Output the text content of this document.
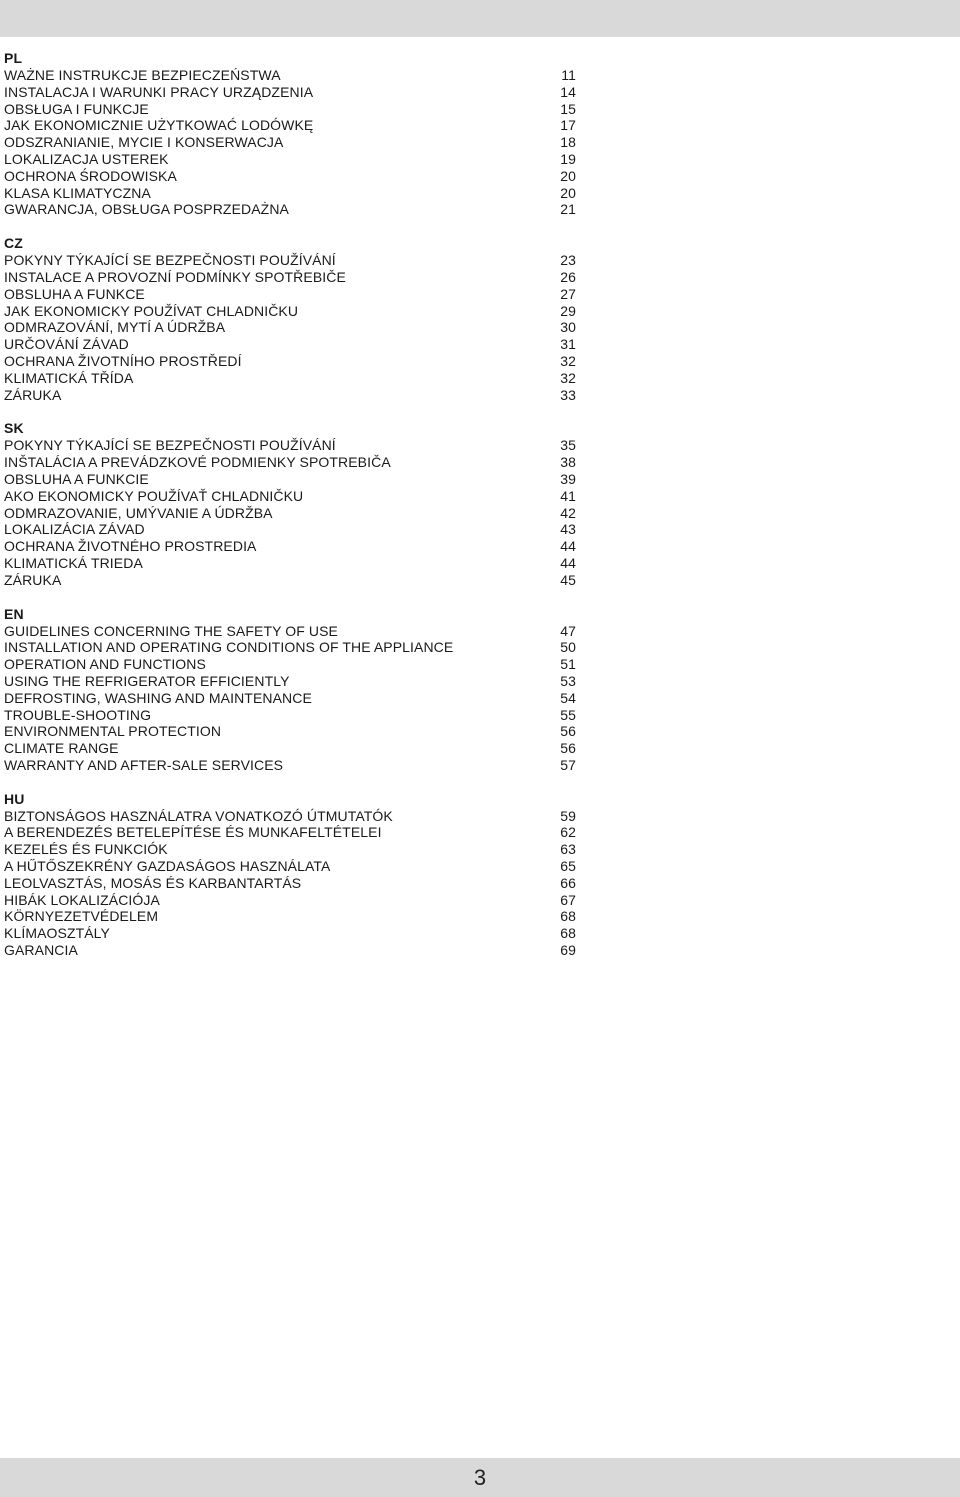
PL
WAŻNE INSTRUKCJE BEZPIECZEŃSTWA	11
INSTALACJA I WARUNKI PRACY URZĄDZENIA	14
OBSŁUGA I FUNKCJE	15
JAK EKONOMICZNIE UŻYTKOWAĆ LODÓWKĘ	17
ODSZRANIANIE, MYCIE I KONSERWACJA	18
LOKALIZACJA USTEREK	19
OCHRONA ŚRODOWISKA	20
KLASA KLIMATYCZNA	20
GWARANCJA, OBSŁUGA POSPRZEDAŻNA	21
CZ
POKYNY TÝKAJÍCÍ SE BEZPEČNOSTI POUŽÍVÁNÍ	23
INSTALACE A PROVOZNÍ PODMÍNKY SPOTŘEBIČE	26
OBSLUHA A FUNKCE	27
JAK EKONOMICKY POUŽÍVAT CHLADNIČKU	29
ODMRAZOVÁNÍ, MYTÍ A ÚDRŽBA	30
URČOVÁNÍ ZÁVAD	31
OCHRANA ŽIVOTNÍHO PROSTŘEDÍ	32
KLIMATICKÁ TŘÍDA	32
ZÁRUKA	33
SK
POKYNY TÝKAJÍCÍ SE BEZPEČNOSTI POUŽÍVÁNÍ	35
INŠTALÁCIA A PREVÁDZKOVÉ PODMIENKY SPOTREBIČA	38
OBSLUHA A FUNKCIE	39
AKO EKONOMICKY POUŽÍVAŤ CHLADNIČKU	41
ODMRAZOVANIE, UMÝVANIE A ÚDRŽBA	42
LOKALIZÁCIA ZÁVAD	43
OCHRANA ŽIVOTNÉHO PROSTREDIA	44
KLIMATICKÁ TRIEDA	44
ZÁRUKA	45
EN
GUIDELINES CONCERNING THE SAFETY OF USE	47
INSTALLATION AND OPERATING CONDITIONS OF THE APPLIANCE	50
OPERATION AND FUNCTIONS	51
USING THE REFRIGERATOR EFFICIENTLY	53
DEFROSTING, WASHING AND MAINTENANCE	54
TROUBLE-SHOOTING	55
ENVIRONMENTAL PROTECTION	56
CLIMATE RANGE	56
WARRANTY AND AFTER-SALE SERVICES	57
HU
BIZTONSÁGOS HASZNÁLATRA VONATKOZÓ ÚTMUTATÓK	59
A BERENDEZÉS BETELEPÍTÉSE ÉS MUNKAFELTÉTELEI	62
KEZELÉS ÉS FUNKCIÓK	63
A HŰTŐSZEKRÉNY GAZDASÁGOS HASZNÁLATA	65
LEOLVASZTÁS, MOSÁS ÉS KARBANTARTÁS	66
HIBÁK LOKALIZÁCIÓJA	67
KÖRNYEZETVÉDELEM	68
KLÍMAOSZTÁLY	68
GARANCIA	69
3
